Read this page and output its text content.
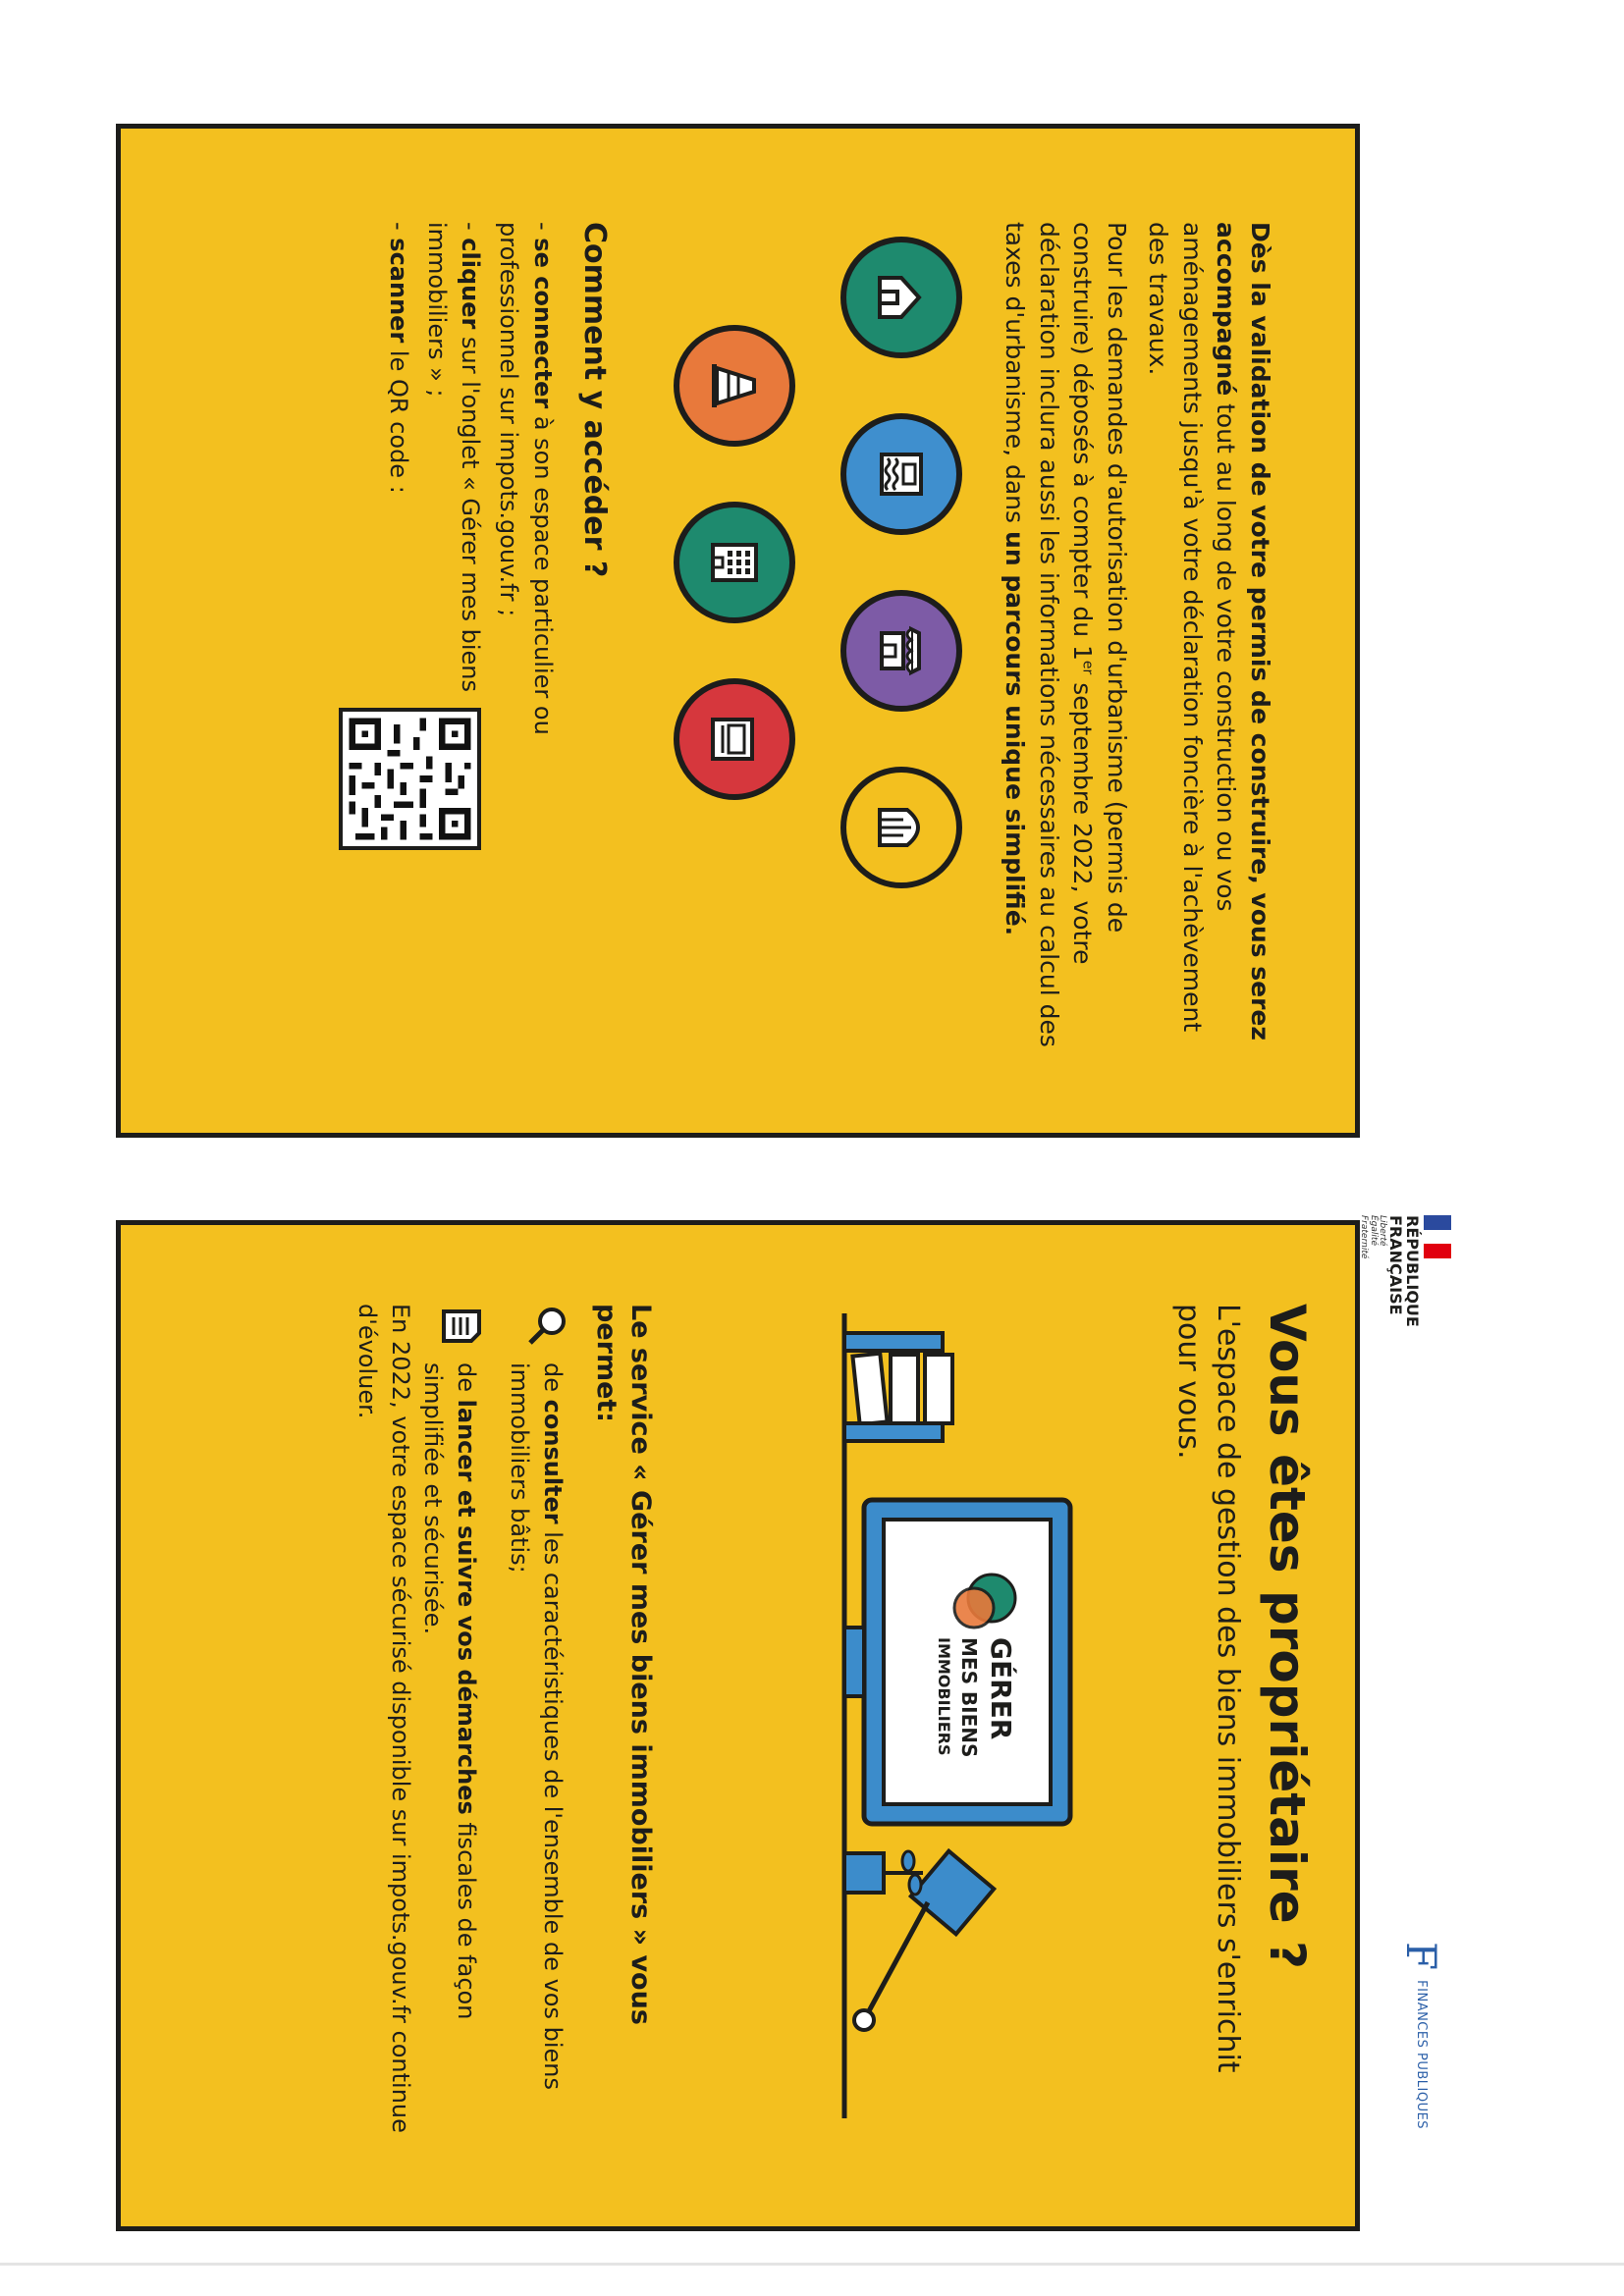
Dès la validation de votre permis de construire, vous serez accompagné tout au long de votre construction ou vos aménagements jusqu'à votre déclaration foncière à l'achèvement des travaux.

Pour les demandes d'autorisation d'urbanisme (permis de construire) déposés à compter du 1er septembre 2022, votre déclaration inclura aussi les informations nécessaires au calcul des taxes d'urbanisme, dans un parcours unique simplifié.

Comment y accéder ?
- se connecter à son espace particulier ou professionnel sur impots.gouv.fr ;
- cliquer sur l'onglet « Gérer mes biens immobiliers » ;
- scanner le QR code :
Vous êtes propriétaire ?
L'espace de gestion des biens immobiliers s'enrichit pour vous.
GÉRER
MES BIENS
IMMOBILIERS
Le service « Gérer mes biens immobiliers » vous permet:
de consulter les caractéristiques de l'ensemble de vos biens immobiliers bâtis;
de lancer et suivre vos démarches fiscales de façon simplifiée et sécurisée.
En 2022, votre espace sécurisé disponible sur impots.gouv.fr continue d'évoluer.
RÉPUBLIQUE
FRANÇAISE
Liberté
Égalité
Fraternité
F
FINANCES PUBLIQUES
